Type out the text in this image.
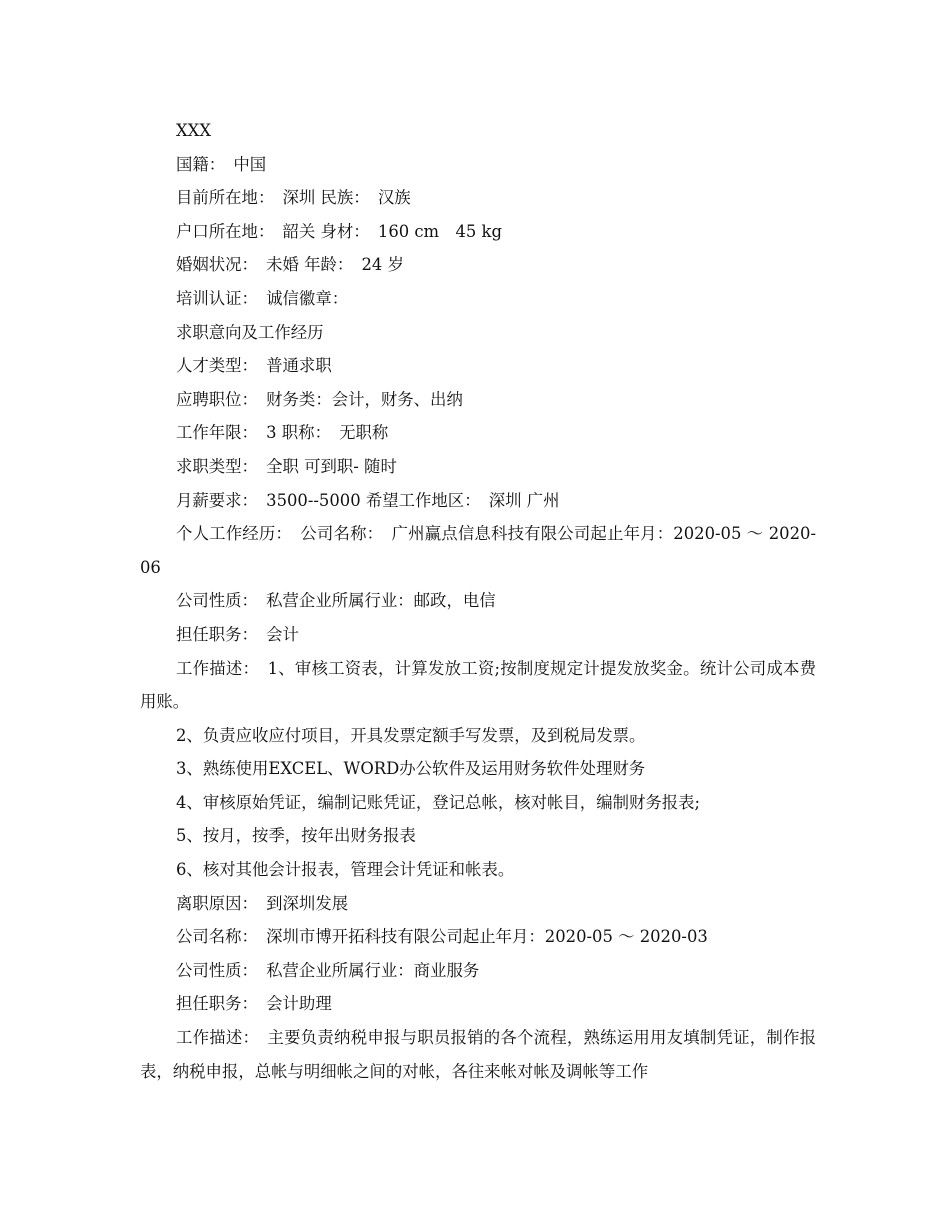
XXX

国籍：　中国

目前所在地：　深圳 民族：　汉族

户口所在地：　韶关 身材：　160 cm　45 kg

婚姻状况：　未婚 年龄：　24 岁

培训认证：　诚信徽章：

求职意向及工作经历

人才类型：　普通求职

应聘职位：　财务类：会计，财务、出纳

工作年限：　3 职称：　无职称

求职类型：　全职 可到职- 随时

月薪要求：　3500--5000 希望工作地区：　深圳 广州

个人工作经历：　公司名称：　广州赢点信息科技有限公司起止年月：2020-05 ～ 2020-06

公司性质：　私营企业所属行业：邮政，电信

担任职务：　会计

工作描述：　1、审核工资表，计算发放工资;按制度规定计提发放奖金。统计公司成本费用账。

2、负责应收应付项目，开具发票定额手写发票，及到税局发票。

3、熟练使用EXCEL、WORD办公软件及运用财务软件处理财务

4、审核原始凭证，编制记账凭证，登记总帐，核对帐目，编制财务报表;

5、按月，按季，按年出财务报表

6、核对其他会计报表，管理会计凭证和帐表。

离职原因：　到深圳发展

公司名称：　深圳市博开拓科技有限公司起止年月：2020-05 ～ 2020-03

公司性质：　私营企业所属行业：商业服务

担任职务：　会计助理

工作描述：　主要负责纳税申报与职员报销的各个流程，熟练运用用友填制凭证，制作报表，纳税申报，总帐与明细帐之间的对帐，各往来帐对帐及调帐等工作
